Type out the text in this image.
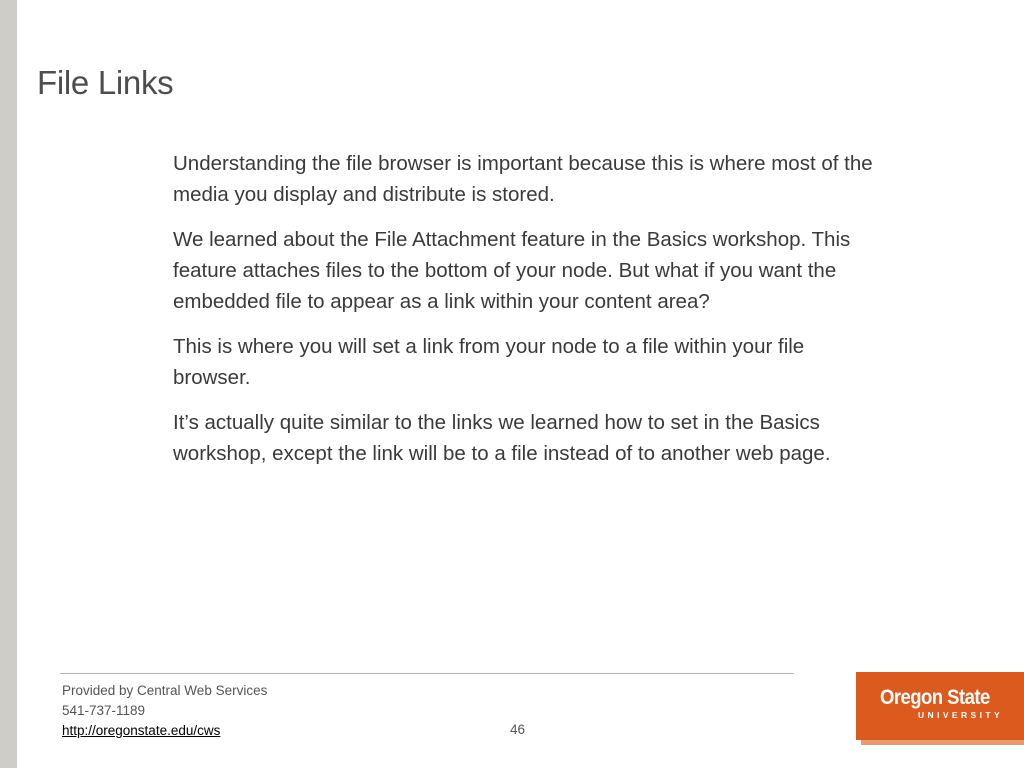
File Links

Understanding the file browser is important because this is where most of the media you display and distribute is stored.

We learned about the File Attachment feature in the Basics workshop. This feature attaches files to the bottom of your node. But what if you want the embedded file to appear as a link within your content area?

This is where you will set a link from your node to a file within your file browser.

It’s actually quite similar to the links we learned how to set in the Basics workshop, except the link will be to a file instead of to another web page.

Provided by Central Web Services
541-737-1189
http://oregonstate.edu/cws	46
Oregon State
UNIVERSITY
